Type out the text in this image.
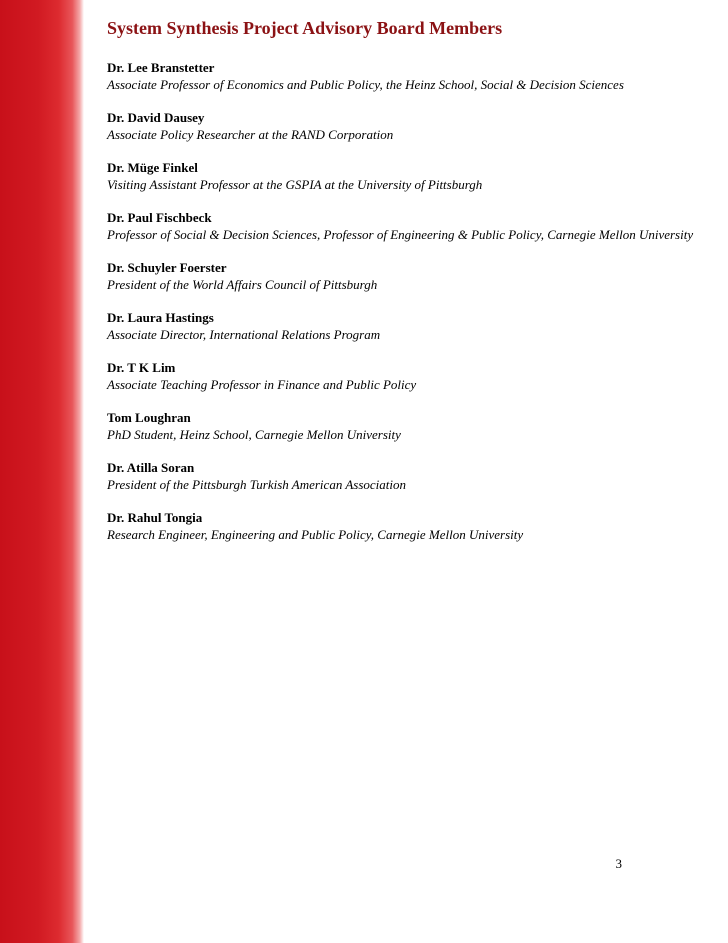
System Synthesis Project Advisory Board Members
Dr. Lee Branstetter
Associate Professor of Economics and Public Policy, the Heinz School, Social & Decision Sciences
Dr. David Dausey
Associate Policy Researcher at the RAND Corporation
Dr. Müge Finkel
Visiting Assistant Professor at the GSPIA at the University of Pittsburgh
Dr. Paul Fischbeck
Professor of Social & Decision Sciences, Professor of Engineering & Public Policy, Carnegie Mellon University
Dr. Schuyler Foerster
President of the World Affairs Council of Pittsburgh
Dr. Laura Hastings
Associate Director, International Relations Program
Dr. T K Lim
Associate Teaching Professor in Finance and Public Policy
Tom Loughran
PhD Student, Heinz School, Carnegie Mellon University
Dr. Atilla Soran
President of the Pittsburgh Turkish American Association
Dr. Rahul Tongia
Research Engineer, Engineering and Public Policy, Carnegie Mellon University
3
